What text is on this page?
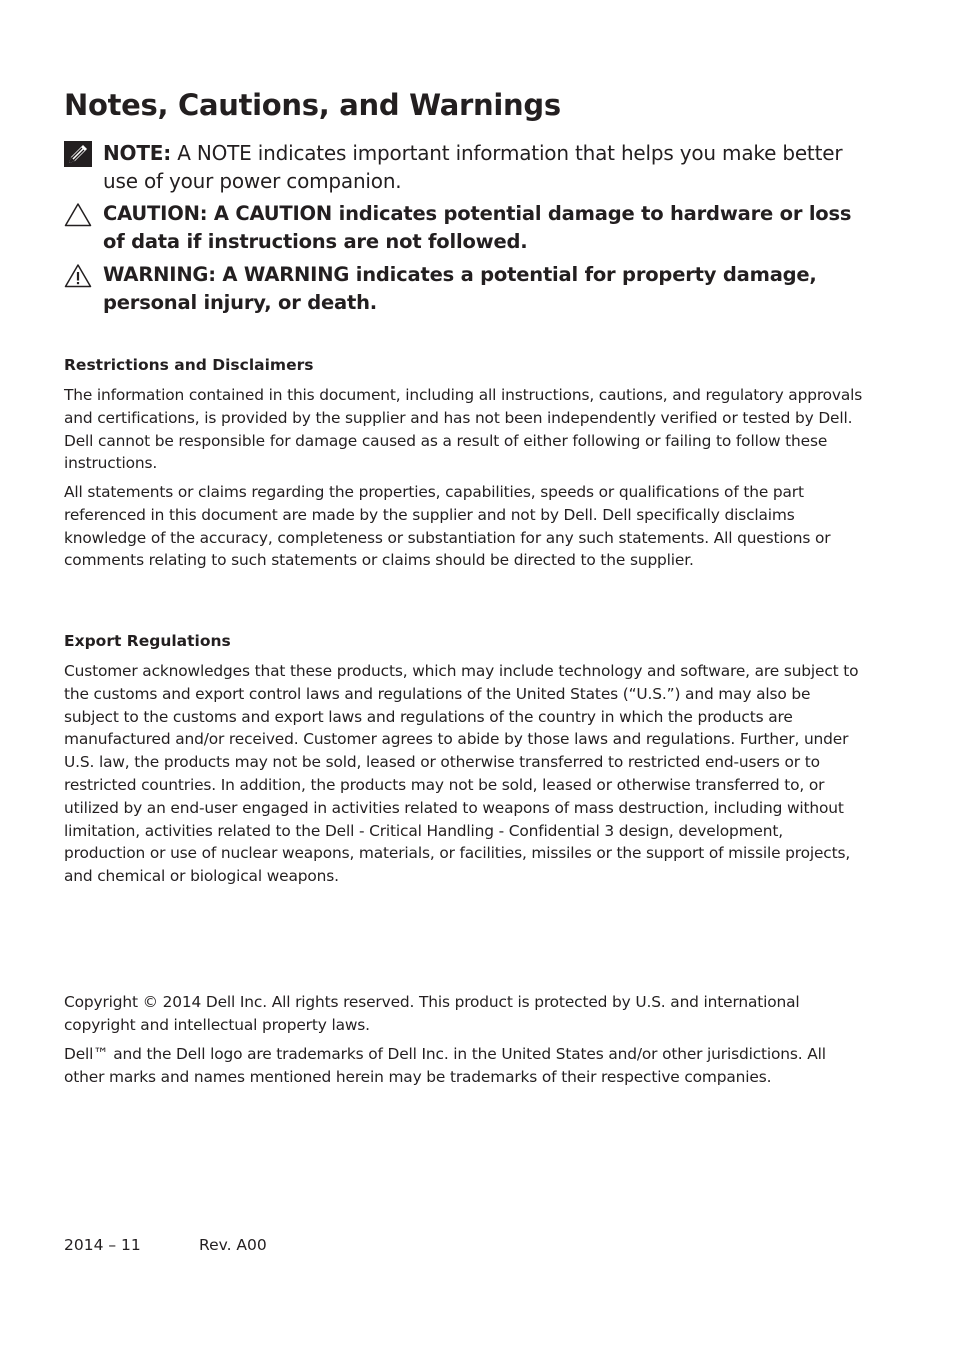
Notes, Cautions, and Warnings
NOTE: A NOTE indicates important information that helps you make better use of your power companion.
CAUTION: A CAUTION indicates potential damage to hardware or loss of data if instructions are not followed.
WARNING: A WARNING indicates a potential for property damage, personal injury, or death.
Restrictions and Disclaimers

The information contained in this document, including all instructions, cautions, and regulatory approvals and certifications, is provided by the supplier and has not been independently verified or tested by Dell. Dell cannot be responsible for damage caused as a result of either following or failing to follow these instructions.

All statements or claims regarding the properties, capabilities, speeds or qualifications of the part referenced in this document are made by the supplier and not by Dell. Dell specifically disclaims knowledge of the accuracy, completeness or substantiation for any such statements. All questions or comments relating to such statements or claims should be directed to the supplier.

Export Regulations

Customer acknowledges that these products, which may include technology and software, are subject to the customs and export control laws and regulations of the United States (“U.S.”) and may also be subject to the customs and export laws and regulations of the country in which the products are manufactured and/or received. Customer agrees to abide by those laws and regulations. Further, under U.S. law, the products may not be sold, leased or otherwise transferred to restricted end-users or to restricted countries. In addition, the products may not be sold, leased or otherwise transferred to, or utilized by an end-user engaged in activities related to weapons of mass destruction, including without limitation, activities related to the Dell - Critical Handling - Confidential 3 design, development, production or use of nuclear weapons, materials, or facilities, missiles or the support of missile projects, and chemical or biological weapons.

Copyright © 2014 Dell Inc. All rights reserved. This product is protected by U.S. and international copyright and intellectual property laws.

Dell™ and the Dell logo are trademarks of Dell Inc. in the United States and/or other jurisdictions. All other marks and names mentioned herein may be trademarks of their respective companies.

2014 – 11	Rev. A00
